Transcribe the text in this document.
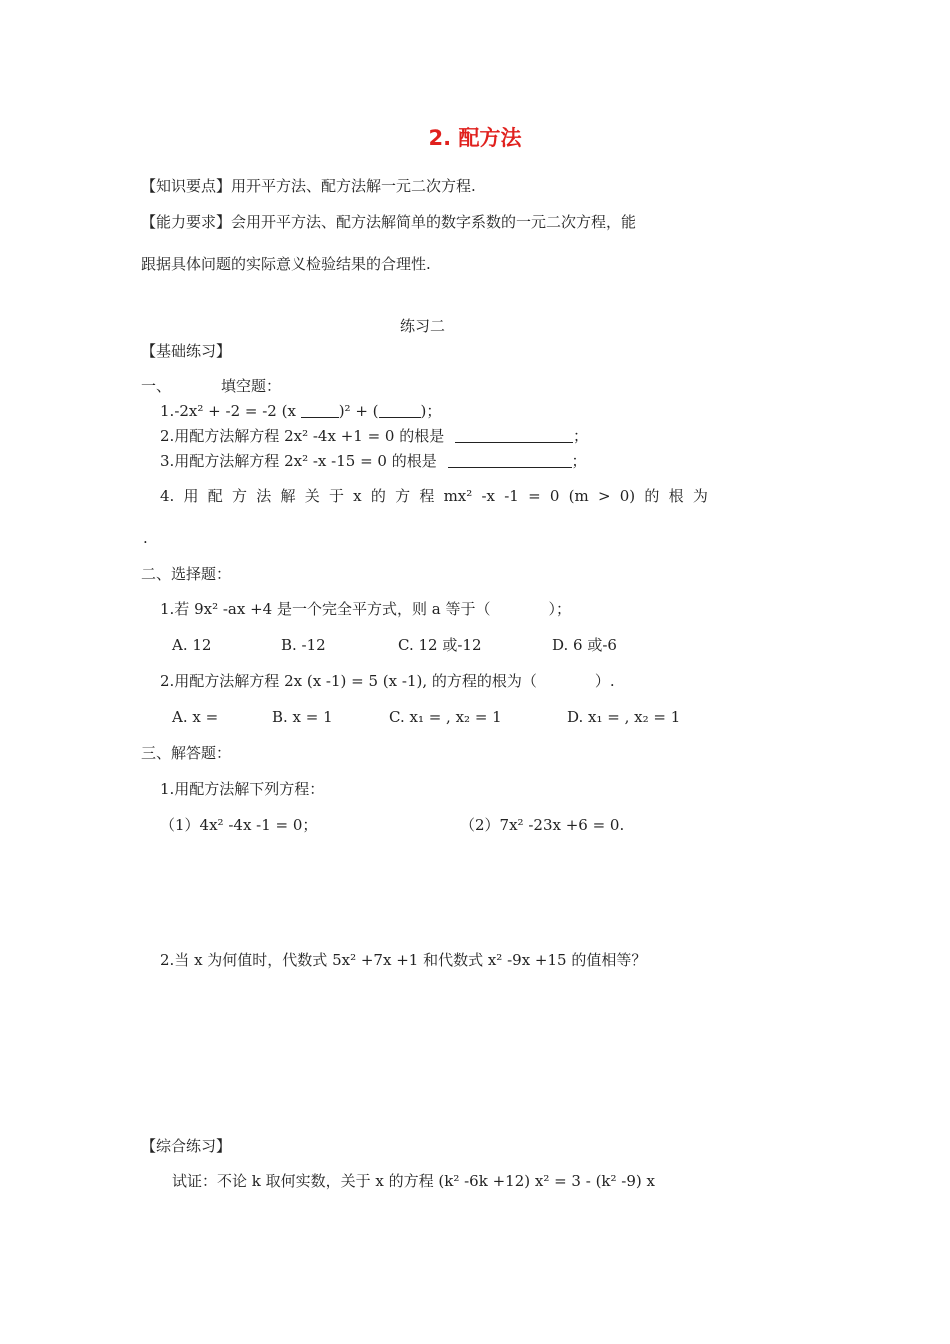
2. 配方法
【知识要点】用开平方法、配方法解一元二次方程.
【能力要求】会用开平方法、配方法解简单的数字系数的一元二次方程，能
跟据具体问题的实际意义检验结果的合理性.
练习二
【基础练习】
一、	填空题：
1.-2x² + -2 = -2 (x	)² + (	)；
2.用配方法解方程 2x² -4x +1 = 0 的根是	；
3.用配方法解方程 2x² -x -15 = 0 的根是	；
4. 用 配 方 法 解 关 于 x 的 方 程 mx² -x -1 = 0 (m > 0) 的 根 为
.
二、选择题：
1.若 9x² -ax +4 是一个完全平方式，则 a 等于（	）；
A. 12	B. -12	C. 12 或-12	D. 6 或-6
2.用配方法解方程 2x (x -1) = 5 (x -1), 的方程的根为（	）.
A. x =	B. x = 1	C. x₁ = , x₂ = 1	D. x₁ = , x₂ = 1
三、解答题：
1.用配方法解下列方程：
（1）4x² -4x -1 = 0；	（2）7x² -23x +6 = 0.
2.当 x 为何值时，代数式 5x² +7x +1 和代数式 x² -9x +15 的值相等？
【综合练习】
试证：不论 k 取何实数，关于 x 的方程 (k² -6k +12) x² = 3 - (k² -9) x
